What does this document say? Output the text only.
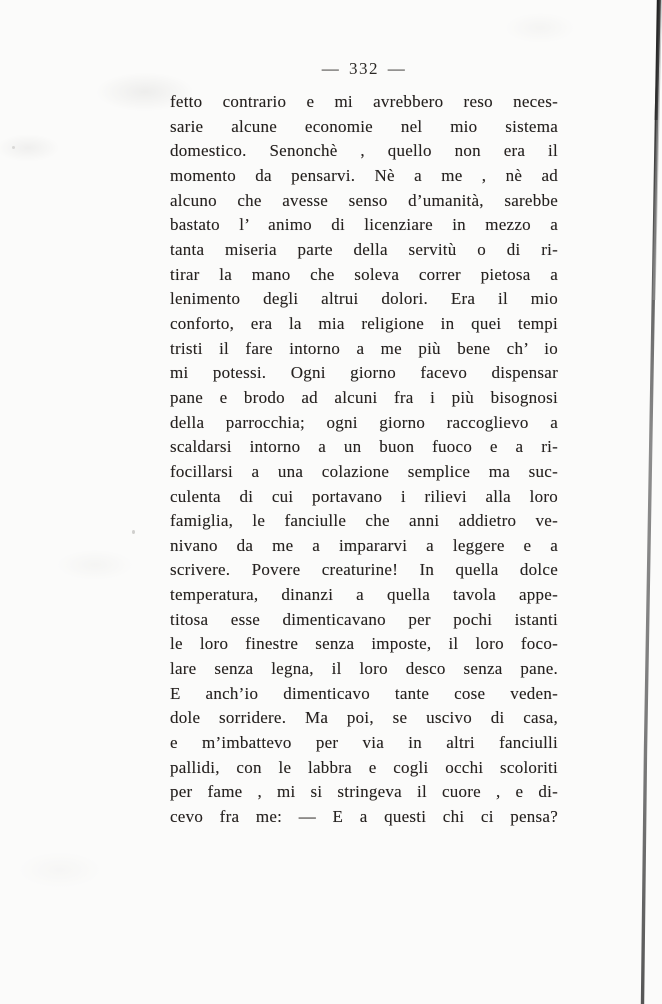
— 332 —
fetto contrario e mi avrebbero reso neces-
sarie alcune economie nel mio sistema
domestico. Senonchè , quello non era il
momento da pensarvi. Nè a me , nè ad
alcuno che avesse senso d’umanità, sarebbe
bastato l’ animo di licenziare in mezzo a
tanta miseria parte della servitù o di ri-
tirar la mano che soleva correr pietosa a
lenimento degli altrui dolori. Era il mio
conforto, era la mia religione in quei tempi
tristi il fare intorno a me più bene ch’ io
mi potessi. Ogni giorno facevo dispensar
pane e brodo ad alcuni fra i più bisognosi
della parrocchia; ogni giorno raccoglievo a
scaldarsi intorno a un buon fuoco e a ri-
focillarsi a una colazione semplice ma suc-
culenta di cui portavano i rilievi alla loro
famiglia, le fanciulle che anni addietro ve-
nivano da me a impararvi a leggere e a
scrivere. Povere creaturine! In quella dolce
temperatura, dinanzi a quella tavola appe-
titosa esse dimenticavano per pochi istanti
le loro finestre senza imposte, il loro foco-
lare senza legna, il loro desco senza pane.
E anch’io dimenticavo tante cose veden-
dole sorridere. Ma poi, se uscivo di casa,
e m’imbattevo per via in altri fanciulli
pallidi, con le labbra e cogli occhi scoloriti
per fame , mi si stringeva il cuore , e di-
cevo fra me: — E a questi chi ci pensa?
